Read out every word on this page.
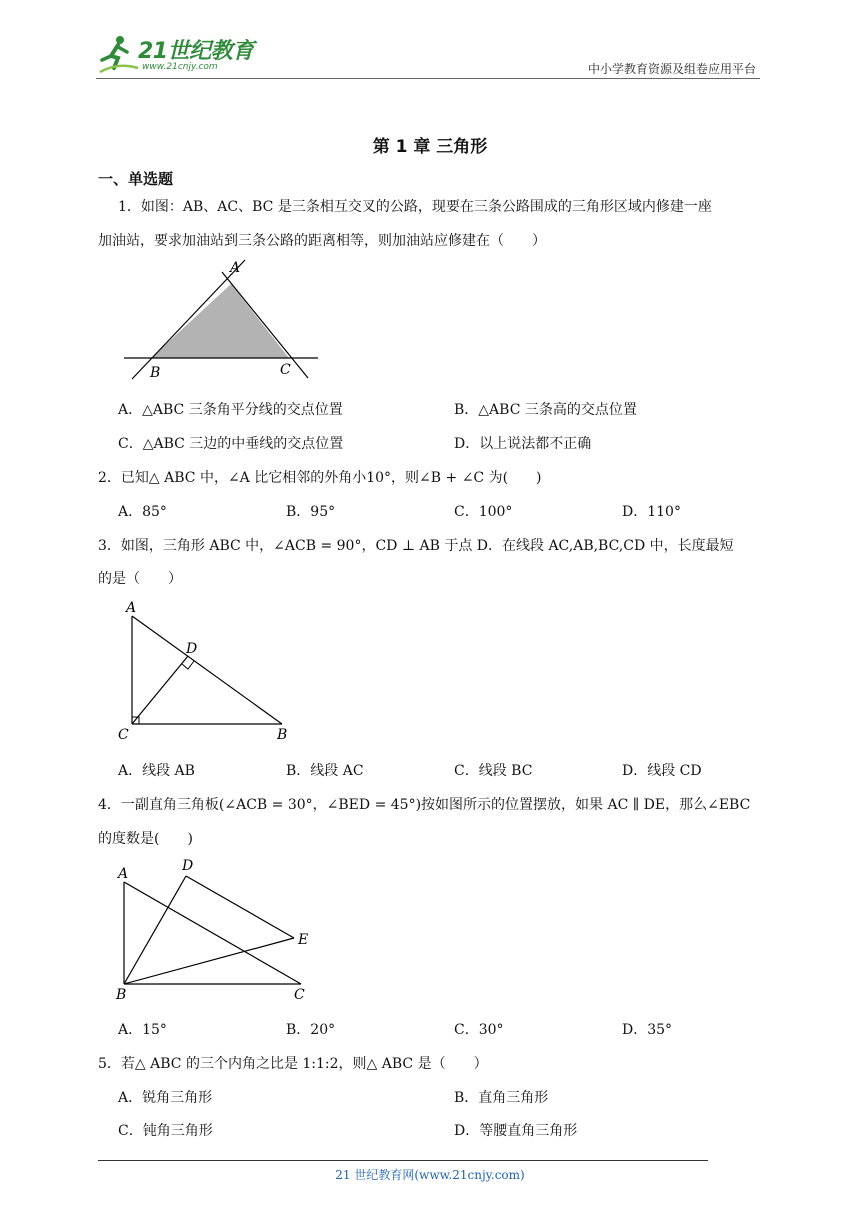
21世纪教育
www.21cnjy.com	中小学教育资源及组卷应用平台
第 1 章 三角形
一、单选题
1．如图：AB、AC、BC 是三条相互交叉的公路，现要在三条公路围成的三角形区域内修建一座
加油站，要求加油站到三条公路的距离相等，则加油站应修建在（　　）
A
B	C
A．△ABC 三条角平分线的交点位置	B．△ABC 三条高的交点位置
C．△ABC 三边的中垂线的交点位置	D．以上说法都不正确
2．已知△ ABC 中，∠A 比它相邻的外角小10°，则∠B + ∠C 为(　　)
A．85°	B．95°	C．100°	D．110°
3．如图，三角形 ABC 中，∠ACB = 90°，CD ⊥ AB 于点 D．在线段 AC,AB,BC,CD 中，长度最短
的是（　　）
A
D
C	B
A．线段 AB	B．线段 AC	C．线段 BC	D．线段 CD
4．一副直角三角板(∠ACB = 30°，∠BED = 45°)按如图所示的位置摆放，如果 AC ∥ DE，那么∠EBC
的度数是(　　)
A	D
E
B	C
A．15°	B．20°	C．30°	D．35°
5．若△ ABC 的三个内角之比是 1:1:2，则△ ABC 是（　　）
A．锐角三角形	B．直角三角形
C．钝角三角形	D．等腰直角三角形
21 世纪教育网(www.21cnjy.com)
